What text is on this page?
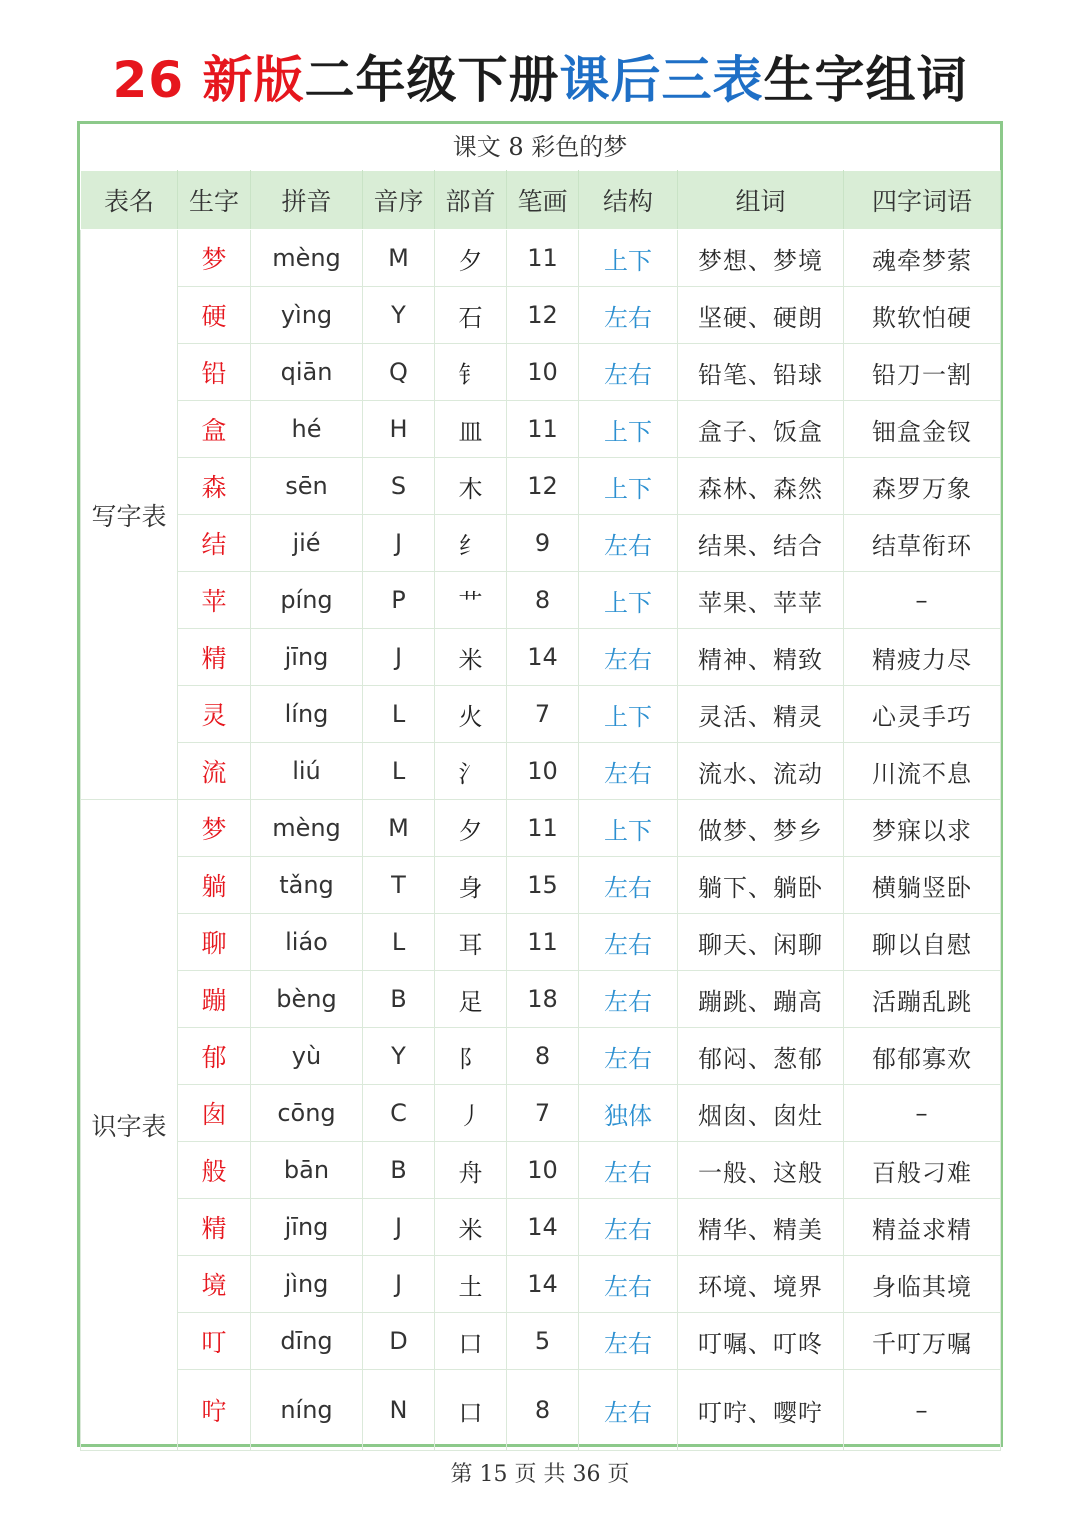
26 新版二年级下册课后三表生字组词
课文 8 彩色的梦
表名	生字	拼音	音序	部首	笔画	结构	组词	四字词语
写字表	梦	mèng	M	夕	11	上下	梦想、梦境	魂牵梦萦
	硬	yìng	Y	石	12	左右	坚硬、硬朗	欺软怕硬
	铅	qiān	Q	钅	10	左右	铅笔、铅球	铅刀一割
	盒	hé	H	皿	11	上下	盒子、饭盒	钿盒金钗
	森	sēn	S	木	12	上下	森林、森然	森罗万象
	结	jié	J	纟	9	左右	结果、结合	结草衔环
	苹	píng	P	艹	8	上下	苹果、苹苹	–
	精	jīng	J	米	14	左右	精神、精致	精疲力尽
	灵	líng	L	火	7	上下	灵活、精灵	心灵手巧
	流	liú	L	氵	10	左右	流水、流动	川流不息
识字表	梦	mèng	M	夕	11	上下	做梦、梦乡	梦寐以求
	躺	tǎng	T	身	15	左右	躺下、躺卧	横躺竖卧
	聊	liáo	L	耳	11	左右	聊天、闲聊	聊以自慰
	蹦	bèng	B	足	18	左右	蹦跳、蹦高	活蹦乱跳
	郁	yù	Y	阝	8	左右	郁闷、葱郁	郁郁寡欢
	囱	cōng	C	丿	7	独体	烟囱、囱灶	–
	般	bān	B	舟	10	左右	一般、这般	百般刁难
	精	jīng	J	米	14	左右	精华、精美	精益求精
	境	jìng	J	土	14	左右	环境、境界	身临其境
	叮	dīng	D	口	5	左右	叮嘱、叮咚	千叮万嘱
	咛	níng	N	口	8	左右	叮咛、嘤咛	–
第 15 页 共 36 页
